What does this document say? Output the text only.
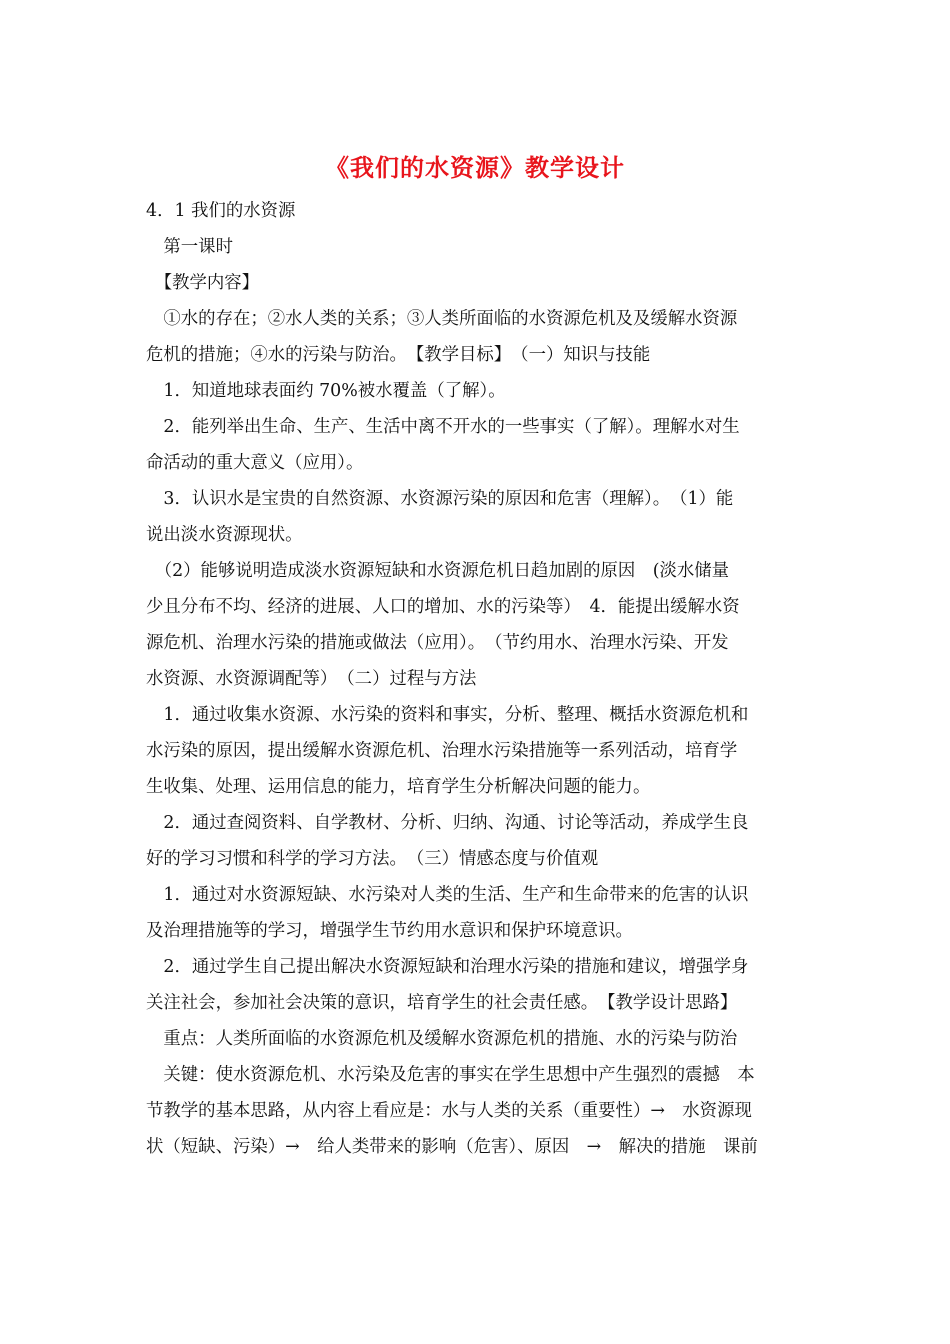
《我们的水资源》教学设计
4．1 我们的水资源
　第一课时
　【教学内容】
　①水的存在；②水人类的关系；③人类所面临的水资源危机及及缓解水资源
危机的措施；④水的污染与防治。　【教学目标】　（一）知识与技能
　1．知道地球表面约 70%被水覆盖（了解）。
　2．能列举出生命、生产、生活中离不开水的一些事实（了解）。理解水对生
命活动的重大意义（应用）。
　3．认识水是宝贵的自然资源、水资源污染的原因和危害（理解）。　（1）能
说出淡水资源现状。
　（2）能够说明造成淡水资源短缺和水资源危机日趋加剧的原因　(淡水储量
少且分布不均、经济的进展、人口的增加、水的污染等）　4．能提出缓解水资
源危机、治理水污染的措施或做法（应用）。　（节约用水、治理水污染、开发
水资源、水资源调配等）　（二）过程与方法
　1．通过收集水资源、水污染的资料和事实，分析、整理、概括水资源危机和
水污染的原因，提出缓解水资源危机、治理水污染措施等一系列活动，培育学
生收集、处理、运用信息的能力，培育学生分析解决问题的能力。
　2．通过查阅资料、自学教材、分析、归纳、沟通、讨论等活动，养成学生良
好的学习习惯和科学的学习方法。　（三）情感态度与价值观
　1．通过对水资源短缺、水污染对人类的生活、生产和生命带来的危害的认识
及治理措施等的学习，增强学生节约用水意识和保护环境意识。
　2．通过学生自己提出解决水资源短缺和治理水污染的措施和建议，增强学身
关注社会，参加社会决策的意识，培育学生的社会责任感。　【教学设计思路】
　重点：人类所面临的水资源危机及缓解水资源危机的措施、水的污染与防治
　关键：使水资源危机、水污染及危害的事实在学生思想中产生强烈的震撼　本
节教学的基本思路，从内容上看应是：水与人类的关系（重要性）→　水资源现
状（短缺、污染）→　给人类带来的影响（危害）、原因　→　解决的措施　课前
